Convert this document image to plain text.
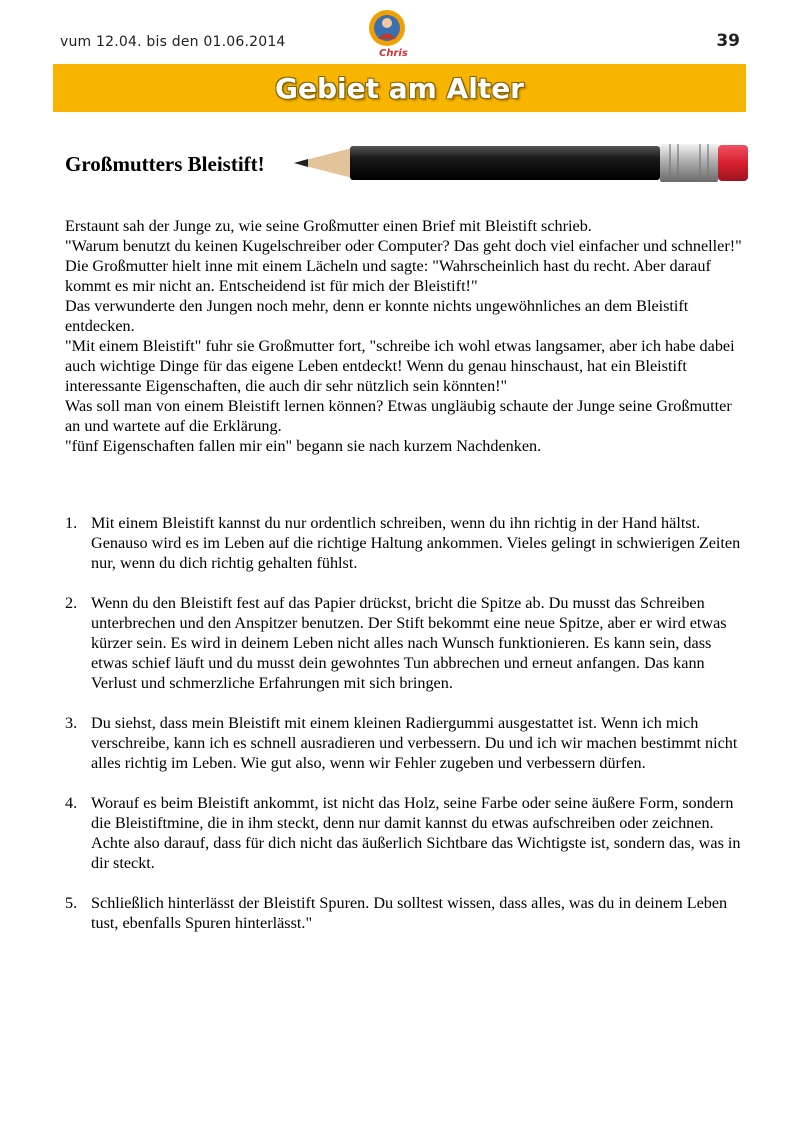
vum 12.04. bis den 01.06.2014
Chris
39
Gebiet am Alter
Großmutters Bleistift!

Erstaunt sah der Junge zu, wie seine Großmutter einen Brief mit Bleistift schrieb.

"Warum benutzt du keinen Kugelschreiber oder Computer? Das geht doch viel einfacher und schneller!"

Die Großmutter hielt inne mit einem Lächeln und sagte: "Wahrscheinlich hast du recht. Aber darauf kommt es mir nicht an. Entscheidend ist für mich der Bleistift!"

Das verwunderte den Jungen noch mehr, denn er konnte nichts ungewöhnliches an dem Bleistift entdecken.

"Mit einem Bleistift" fuhr sie Großmutter fort, "schreibe ich wohl etwas langsamer, aber ich habe dabei auch wichtige Dinge für das eigene Leben entdeckt! Wenn du genau hinschaust, hat ein Bleistift interessante Eigenschaften, die auch dir sehr nützlich sein könnten!"

Was soll man von einem Bleistift lernen können? Etwas ungläubig schaute der Junge seine Großmutter an und wartete auf die Erklärung.

"fünf Eigenschaften fallen mir ein" begann sie nach kurzem Nachdenken.

1. Mit einem Bleistift kannst du nur ordentlich schreiben, wenn du ihn richtig in der Hand hältst. Genauso wird es im Leben auf die richtige Haltung ankommen. Vieles gelingt in schwierigen Zeiten nur, wenn du dich richtig gehalten fühlst.
2. Wenn du den Bleistift fest auf das Papier drückst, bricht die Spitze ab. Du musst das Schreiben unterbrechen und den Anspitzer benutzen. Der Stift bekommt eine neue Spitze, aber er wird etwas kürzer sein. Es wird in deinem Leben nicht alles nach Wunsch funktionieren. Es kann sein, dass etwas schief läuft und du musst dein gewohntes Tun abbrechen und erneut anfangen. Das kann Verlust und schmerzliche Erfahrungen mit sich bringen.
3. Du siehst, dass mein Bleistift mit einem kleinen Radiergummi ausgestattet ist. Wenn ich mich verschreibe, kann ich es schnell ausradieren und verbessern. Du und ich wir machen bestimmt nicht alles richtig im Leben. Wie gut also, wenn wir Fehler zugeben und verbessern dürfen.
4. Worauf es beim Bleistift ankommt, ist nicht das Holz, seine Farbe oder seine äußere Form, sondern die Bleistiftmine, die in ihm steckt, denn nur damit kannst du etwas aufschreiben oder zeichnen. Achte also darauf, dass für dich nicht das äußerlich Sichtbare das Wichtigste ist, sondern das, was in dir steckt.
5. Schließlich hinterlässt der Bleistift Spuren. Du solltest wissen, dass alles, was du in deinem Leben tust, ebenfalls Spuren hinterlässt."
